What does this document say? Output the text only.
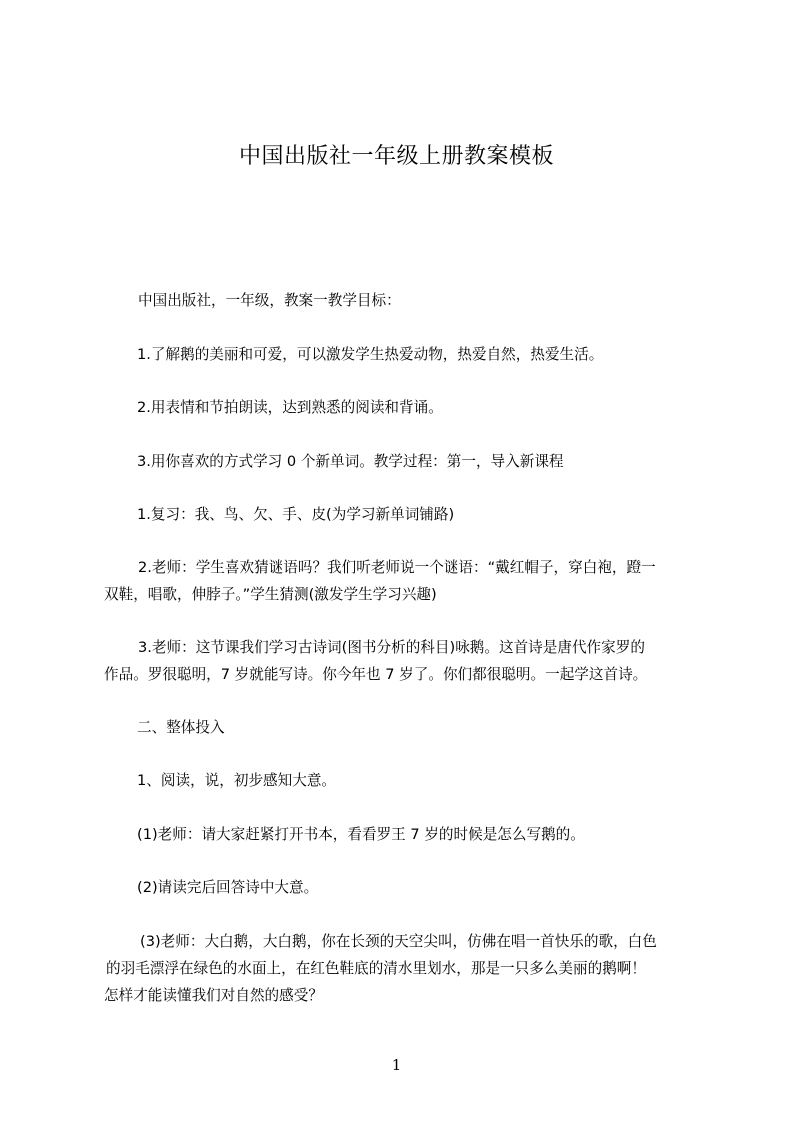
中国出版社一年级上册教案模板
中国出版社，一年级，教案一教学目标：
1.了解鹅的美丽和可爱，可以激发学生热爱动物，热爱自然，热爱生活。
2.用表情和节拍朗读，达到熟悉的阅读和背诵。
3.用你喜欢的方式学习 0 个新单词。教学过程：第一，导入新课程
1.复习：我、鸟、欠、手、皮(为学习新单词铺路)
2.老师：学生喜欢猜谜语吗？我们听老师说一个谜语：“戴红帽子，穿白袍，蹬一
双鞋，唱歌，伸脖子。”学生猜测(激发学生学习兴趣)
3.老师：这节课我们学习古诗词(图书分析的科目)咏鹅。这首诗是唐代作家罗的
作品。罗很聪明，7 岁就能写诗。你今年也 7 岁了。你们都很聪明。一起学这首诗。
二、整体投入
1、阅读，说，初步感知大意。
(1)老师：请大家赶紧打开书本，看看罗王 7 岁的时候是怎么写鹅的。
(2)请读完后回答诗中大意。
(3)老师：大白鹅，大白鹅，你在长颈的天空尖叫，仿佛在唱一首快乐的歌，白色
的羽毛漂浮在绿色的水面上，在红色鞋底的清水里划水，那是一只多么美丽的鹅啊！
怎样才能读懂我们对自然的感受？
1
